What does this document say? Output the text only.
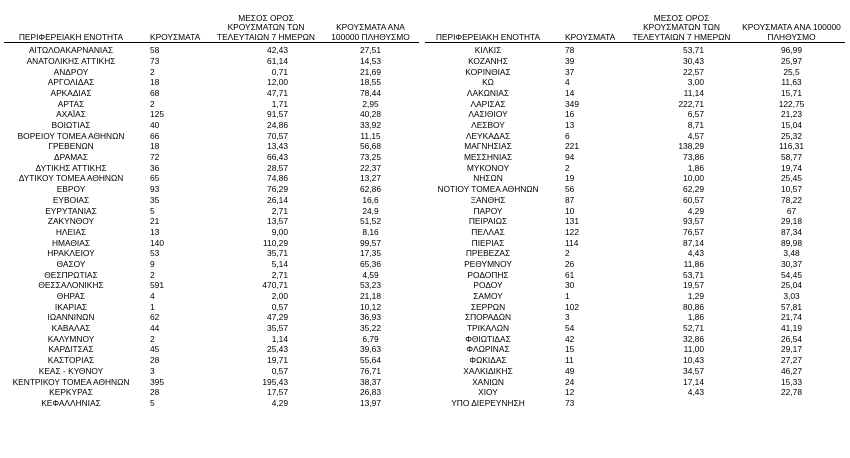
ΠΕΡΙΦΕΡΕΙΑΚΗ ΕΝΟΤΗΤΑ	ΚΡΟΥΣΜΑΤΑ	ΜΕΣΟΣ ΟΡΟΣ ΚΡΟΥΣΜΑΤΩΝ ΤΩΝ ΤΕΛΕΥΤΑΙΩΝ 7 ΗΜΕΡΩΝ	ΚΡΟΥΣΜΑΤΑ ΑΝΑ 100000 ΠΛΗΘΥΣΜΟ
ΑΙΤΩΛΟΑΚΑΡΝΑΝΙΑΣ	58	42,43	27,51
ΑΝΑΤΟΛΙΚΗΣ ΑΤΤΙΚΗΣ	73	61,14	14,53
ΑΝΔΡΟΥ	2	0,71	21,69
ΑΡΓΟΛΙΔΑΣ	18	12,00	18,55
ΑΡΚΑΔΙΑΣ	68	47,71	78,44
ΑΡΤΑΣ	2	1,71	2,95
ΑΧΑΪΑΣ	125	91,57	40,28
ΒΟΙΩΤΙΑΣ	40	24,86	33,92
ΒΟΡΕΙΟΥ ΤΟΜΕΑ ΑΘΗΝΩΝ	66	70,57	11,15
ΓΡΕΒΕΝΩΝ	18	13,43	56,68
ΔΡΑΜΑΣ	72	66,43	73,25
ΔΥΤΙΚΗΣ ΑΤΤΙΚΗΣ	36	28,57	22,37
ΔΥΤΙΚΟΥ ΤΟΜΕΑ ΑΘΗΝΩΝ	65	74,86	13,27
ΕΒΡΟΥ	93	76,29	62,86
ΕΥΒΟΙΑΣ	35	26,14	16,6
ΕΥΡΥΤΑΝΙΑΣ	5	2,71	24,9
ΖΑΚΥΝΘΟΥ	21	13,57	51,52
ΗΛΕΙΑΣ	13	9,00	8,16
ΗΜΑΘΙΑΣ	140	110,29	99,57
ΗΡΑΚΛΕΙΟΥ	53	35,71	17,35
ΘΑΣΟΥ	9	5,14	65,36
ΘΕΣΠΡΩΤΙΑΣ	2	2,71	4,59
ΘΕΣΣΑΛΟΝΙΚΗΣ	591	470,71	53,23
ΘΗΡΑΣ	4	2,00	21,18
ΙΚΑΡΙΑΣ	1	0,57	10,12
ΙΩΑΝΝΙΝΩΝ	62	47,29	36,93
ΚΑΒΑΛΑΣ	44	35,57	35,22
ΚΑΛΥΜΝΟΥ	2	1,14	6,79
ΚΑΡΔΙΤΣΑΣ	45	25,43	39,63
ΚΑΣΤΟΡΙΑΣ	28	19,71	55,64
ΚΕΑΣ - ΚΥΘΝΟΥ	3	0,57	76,71
ΚΕΝΤΡΙΚΟΥ ΤΟΜΕΑ ΑΘΗΝΩΝ	395	195,43	38,37
ΚΕΡΚΥΡΑΣ	28	17,57	26,83
ΚΕΦΑΛΛΗΝΙΑΣ	5	4,29	13,97
ΠΕΡΙΦΕΡΕΙΑΚΗ ΕΝΟΤΗΤΑ	ΚΡΟΥΣΜΑΤΑ	ΜΕΣΟΣ ΟΡΟΣ ΚΡΟΥΣΜΑΤΩΝ ΤΩΝ ΤΕΛΕΥΤΑΙΩΝ 7 ΗΜΕΡΩΝ	ΚΡΟΥΣΜΑΤΑ ΑΝΑ 100000 ΠΛΗΘΥΣΜΟ
ΚΙΛΚΙΣ	78	53,71	96,99
ΚΟΖΑΝΗΣ	39	30,43	25,97
ΚΟΡΙΝΘΙΑΣ	37	22,57	25,5
ΚΩ	4	3,00	11,63
ΛΑΚΩΝΙΑΣ	14	11,14	15,71
ΛΑΡΙΣΑΣ	349	222,71	122,75
ΛΑΣΙΘΙΟΥ	16	6,57	21,23
ΛΕΣΒΟΥ	13	8,71	15,04
ΛΕΥΚΑΔΑΣ	6	4,57	25,32
ΜΑΓΝΗΣΙΑΣ	221	138,29	116,31
ΜΕΣΣΗΝΙΑΣ	94	73,86	58,77
ΜΥΚΟΝΟΥ	2	1,86	19,74
ΝΗΣΩΝ	19	10,00	25,45
ΝΟΤΙΟΥ ΤΟΜΕΑ ΑΘΗΝΩΝ	56	62,29	10,57
ΞΑΝΘΗΣ	87	60,57	78,22
ΠΑΡΟΥ	10	4,29	67
ΠΕΙΡΑΙΩΣ	131	93,57	29,18
ΠΕΛΛΑΣ	122	76,57	87,34
ΠΙΕΡΙΑΣ	114	87,14	89,98
ΠΡΕΒΕΖΑΣ	2	4,43	3,48
ΡΕΘΥΜΝΟΥ	26	11,86	30,37
ΡΟΔΟΠΗΣ	61	53,71	54,45
ΡΟΔΟΥ	30	19,57	25,04
ΣΑΜΟΥ	1	1,29	3,03
ΣΕΡΡΩΝ	102	80,86	57,81
ΣΠΟΡΑΔΩΝ	3	1,86	21,74
ΤΡΙΚΑΛΩΝ	54	52,71	41,19
ΦΘΙΩΤΙΔΑΣ	42	32,86	26,54
ΦΛΩΡΙΝΑΣ	15	11,00	29,17
ΦΩΚΙΔΑΣ	11	10,43	27,27
ΧΑΛΚΙΔΙΚΗΣ	49	34,57	46,27
ΧΑΝΙΩΝ	24	17,14	15,33
ΧΙΟΥ	12	4,43	22,78
ΥΠΟ ΔΙΕΡΕΥΝΗΣΗ	73		
